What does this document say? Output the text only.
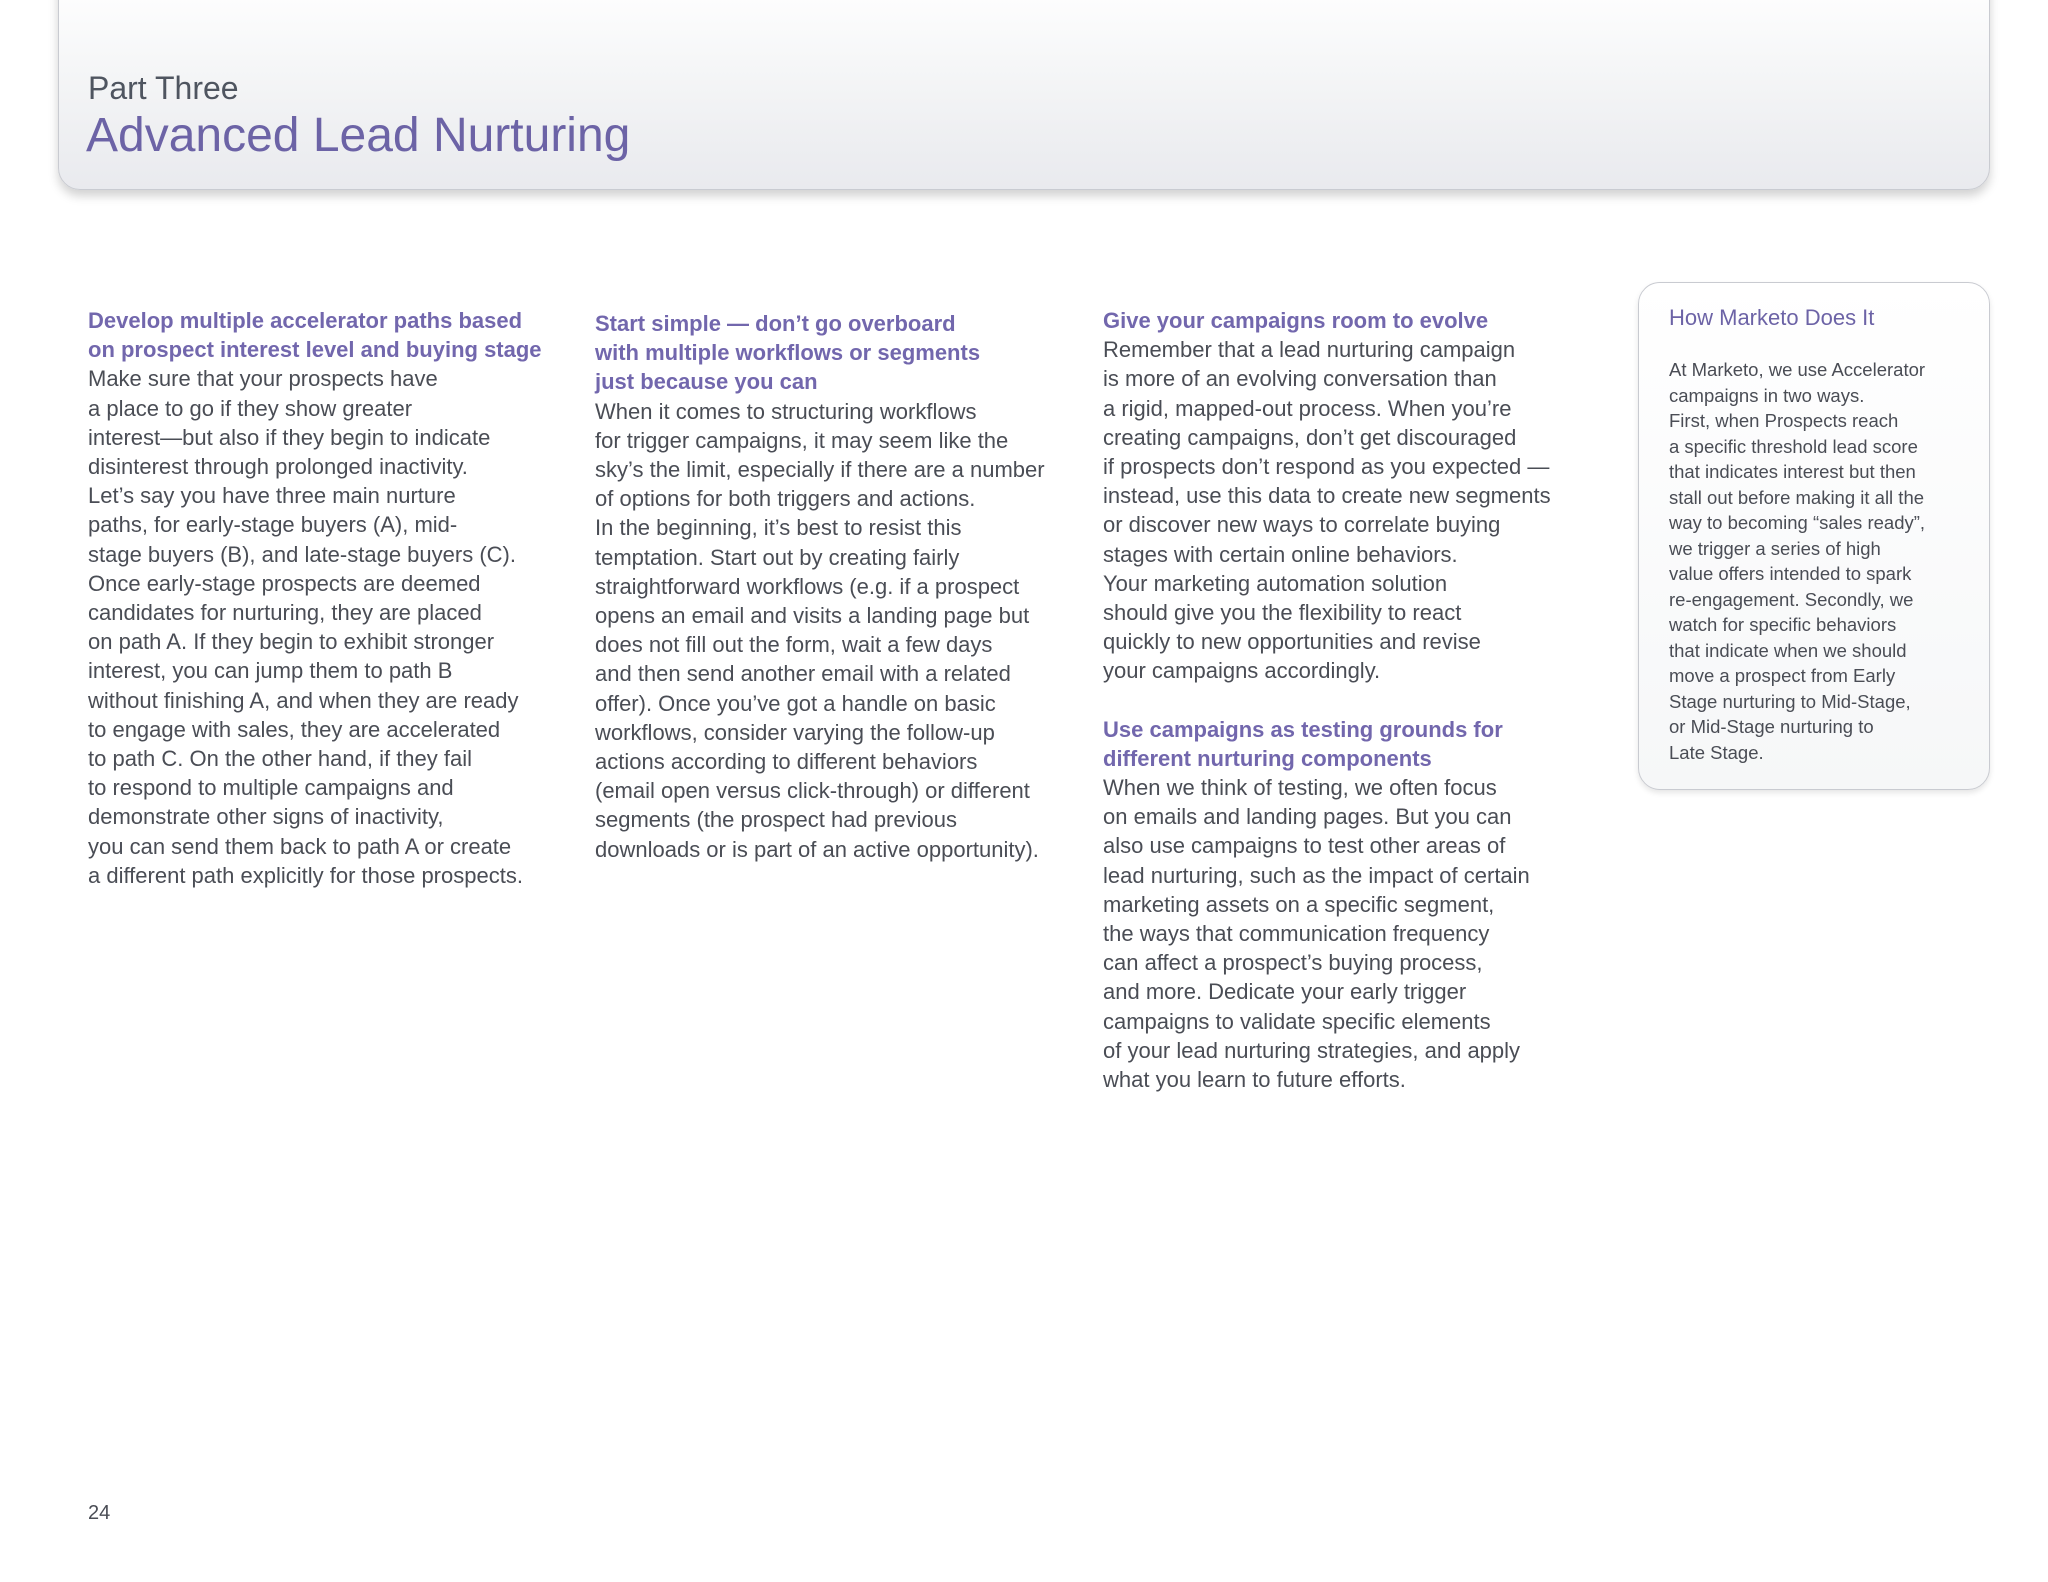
Part Three
Advanced Lead Nurturing
Develop multiple accelerator paths based
on prospect interest level and buying stage

Make sure that your prospects have
a place to go if they show greater
interest—but also if they begin to indicate
disinterest through prolonged inactivity.
Let’s say you have three main nurture
paths, for early-stage buyers (A), mid-
stage buyers (B), and late-stage buyers (C).
Once early-stage prospects are deemed
candidates for nurturing, they are placed
on path A. If they begin to exhibit stronger
interest, you can jump them to path B
without finishing A, and when they are ready
to engage with sales, they are accelerated
to path C. On the other hand, if they fail
to respond to multiple campaigns and
demonstrate other signs of inactivity,
you can send them back to path A or create
a different path explicitly for those prospects.

Start simple — don’t go overboard
with multiple workflows or segments
just because you can

When it comes to structuring workflows
for trigger campaigns, it may seem like the
sky’s the limit, especially if there are a number
of options for both triggers and actions.
In the beginning, it’s best to resist this
temptation. Start out by creating fairly
straightforward workflows (e.g. if a prospect
opens an email and visits a landing page but
does not fill out the form, wait a few days
and then send another email with a related
offer). Once you’ve got a handle on basic
workflows, consider varying the follow-up
actions according to different behaviors
(email open versus click-through) or different
segments (the prospect had previous
downloads or is part of an active opportunity).

Give your campaigns room to evolve

Remember that a lead nurturing campaign
is more of an evolving conversation than
a rigid, mapped-out process. When you’re
creating campaigns, don’t get discouraged
if prospects don’t respond as you expected —
instead, use this data to create new segments
or discover new ways to correlate buying
stages with certain online behaviors.
Your marketing automation solution
should give you the flexibility to react
quickly to new opportunities and revise
your campaigns accordingly.

Use campaigns as testing grounds for
different nurturing components

When we think of testing, we often focus
on emails and landing pages. But you can
also use campaigns to test other areas of
lead nurturing, such as the impact of certain
marketing assets on a specific segment,
the ways that communication frequency
can affect a prospect’s buying process,
and more. Dedicate your early trigger
campaigns to validate specific elements
of your lead nurturing strategies, and apply
what you learn to future efforts.

How Marketo Does It
At Marketo, we use Accelerator
campaigns in two ways.
First, when Prospects reach
a specific threshold lead score
that indicates interest but then
stall out before making it all the
way to becoming “sales ready”,
we trigger a series of high
value offers intended to spark
re-engagement. Secondly, we
watch for specific behaviors
that indicate when we should
move a prospect from Early
Stage nurturing to Mid-Stage,
or Mid-Stage nurturing to
Late Stage.
24
